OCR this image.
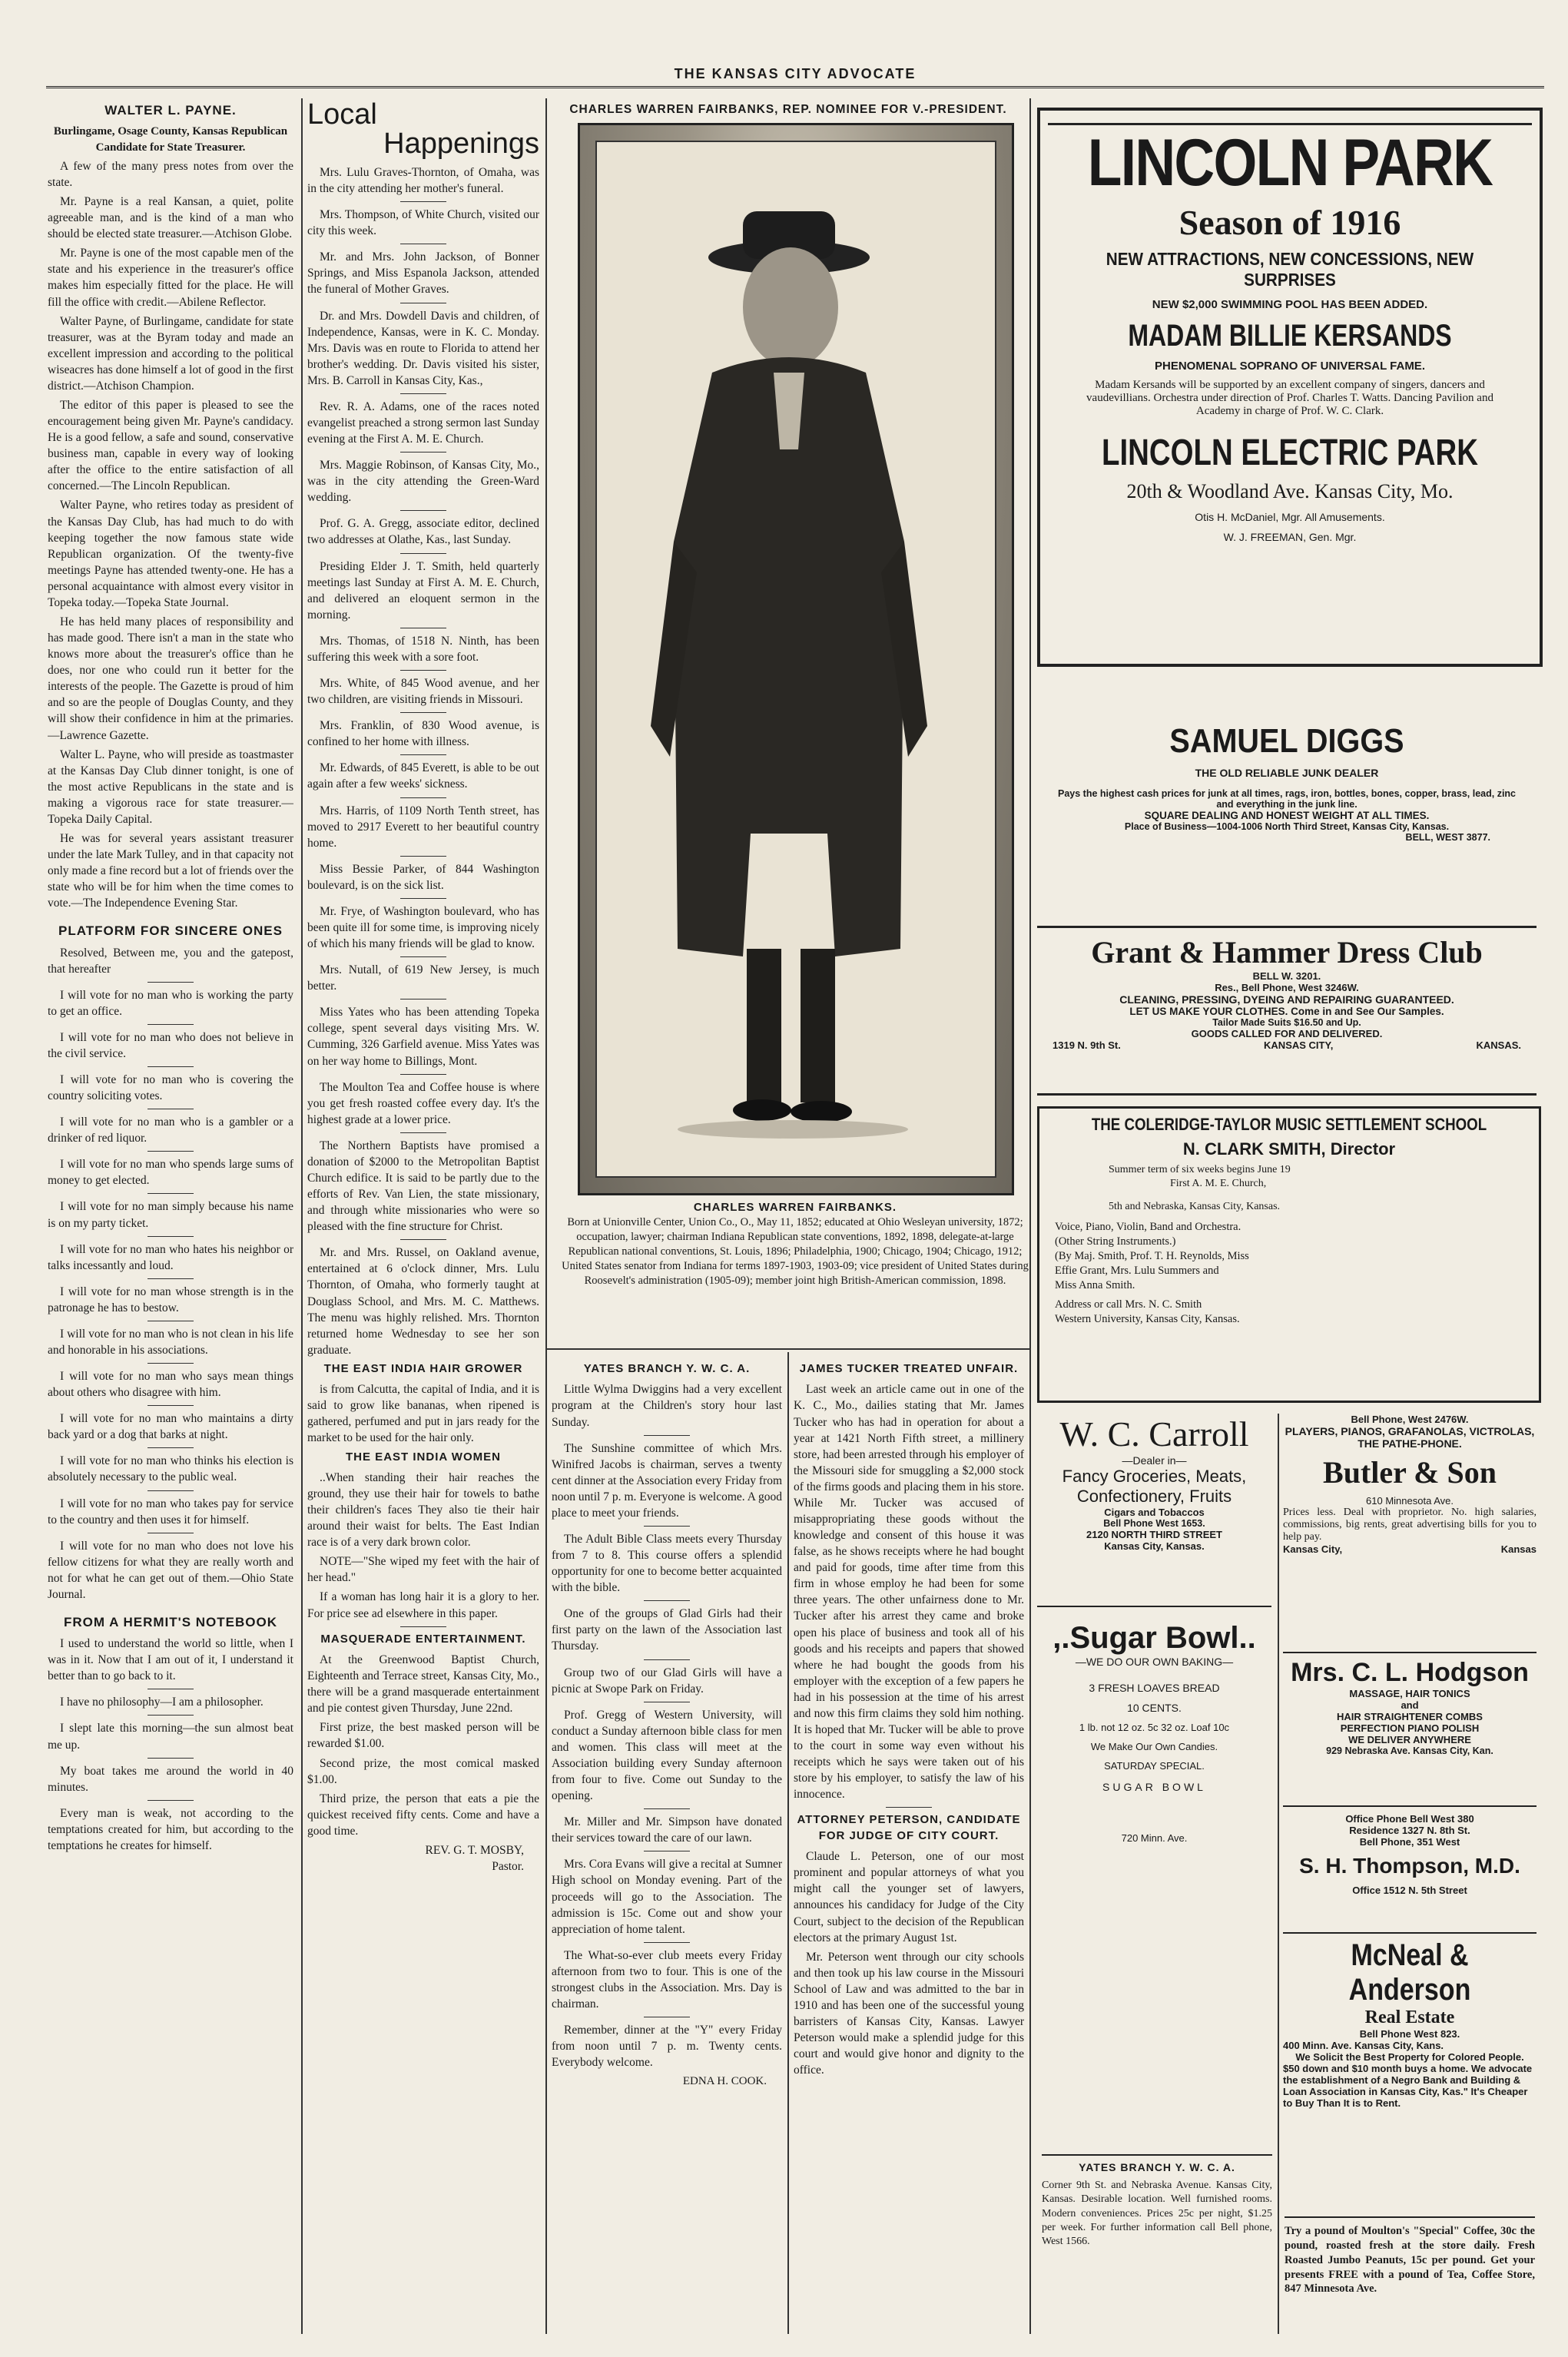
THE KANSAS CITY ADVOCATE
WALTER L. PAYNE.
Burlingame, Osage County, Kansas Republican Candidate for State Treasurer.

A few of the many press notes from over the state.

Mr. Payne is a real Kansan, a quiet, polite agreeable man, and is the kind of a man who should be elected state treasurer.—Atchison Globe.

Mr. Payne is one of the most capable men of the state and his experience in the treasurer's office makes him especially fitted for the place. He will fill the office with credit.—Abilene Reflector.

Walter Payne, of Burlingame, candidate for state treasurer, was at the Byram today and made an excellent impression and according to the political wiseacres has done himself a lot of good in the first district.—Atchison Champion.

The editor of this paper is pleased to see the encouragement being given Mr. Payne's candidacy. He is a good fellow, a safe and sound, conservative business man, capable in every way of looking after the office to the entire satisfaction of all concerned.—The Lincoln Republican.

Walter Payne, who retires today as president of the Kansas Day Club, has had much to do with keeping together the now famous state wide Republican organization. Of the twenty-five meetings Payne has attended twenty-one. He has a personal acquaintance with almost every visitor in Topeka today.—Topeka State Journal.

He has held many places of responsibility and has made good. There isn't a man in the state who knows more about the treasurer's office than he does, nor one who could run it better for the interests of the people. The Gazette is proud of him and so are the people of Douglas County, and they will show their confidence in him at the primaries.—Lawrence Gazette.

Walter L. Payne, who will preside as toastmaster at the Kansas Day Club dinner tonight, is one of the most active Republicans in the state and is making a vigorous race for state treasurer.—Topeka Daily Capital.

He was for several years assistant treasurer under the late Mark Tulley, and in that capacity not only made a fine record but a lot of friends over the state who will be for him when the time comes to vote.—The Independence Evening Star.

PLATFORM FOR SINCERE ONES

Resolved, Between me, you and the gatepost, that hereafter

I will vote for no man who is working the party to get an office.

I will vote for no man who does not believe in the civil service.

I will vote for no man who is covering the country soliciting votes.

I will vote for no man who is a gambler or a drinker of red liquor.

I will vote for no man who spends large sums of money to get elected.

I will vote for no man simply because his name is on my party ticket.

I will vote for no man who hates his neighbor or talks incessantly and loud.

I will vote for no man whose strength is in the patronage he has to bestow.

I will vote for no man who is not clean in his life and honorable in his associations.

I will vote for no man who says mean things about others who disagree with him.

I will vote for no man who maintains a dirty back yard or a dog that barks at night.

I will vote for no man who thinks his election is absolutely necessary to the public weal.

I will vote for no man who takes pay for service to the country and then uses it for himself.

I will vote for no man who does not love his fellow citizens for what they are really worth and not for what he can get out of them.—Ohio State Journal.

FROM A HERMIT'S NOTEBOOK

I used to understand the world so little, when I was in it. Now that I am out of it, I understand it better than to go back to it.

I have no philosophy—I am a philosopher.

I slept late this morning—the sun almost beat me up.

My boat takes me around the world in 40 minutes.

Every man is weak, not according to the temptations created for him, but according to the temptations he creates for himself.

Local
Happenings

Mrs. Lulu Graves-Thornton, of Omaha, was in the city attending her mother's funeral.

Mrs. Thompson, of White Church, visited our city this week.

Mr. and Mrs. John Jackson, of Bonner Springs, and Miss Espanola Jackson, attended the funeral of Mother Graves.

Dr. and Mrs. Dowdell Davis and children, of Independence, Kansas, were in K. C. Monday. Mrs. Davis was en route to Florida to attend her brother's wedding. Dr. Davis visited his sister, Mrs. B. Carroll in Kansas City, Kas.,

Rev. R. A. Adams, one of the races noted evangelist preached a strong sermon last Sunday evening at the First A. M. E. Church.

Mrs. Maggie Robinson, of Kansas City, Mo., was in the city attending the Green-Ward wedding.

Prof. G. A. Gregg, associate editor, declined two addresses at Olathe, Kas., last Sunday.

Presiding Elder J. T. Smith, held quarterly meetings last Sunday at First A. M. E. Church, and delivered an eloquent sermon in the morning.

Mrs. Thomas, of 1518 N. Ninth, has been suffering this week with a sore foot.

Mrs. White, of 845 Wood avenue, and her two children, are visiting friends in Missouri.

Mrs. Franklin, of 830 Wood avenue, is confined to her home with illness.

Mr. Edwards, of 845 Everett, is able to be out again after a few weeks' sickness.

Mrs. Harris, of 1109 North Tenth street, has moved to 2917 Everett to her beautiful country home.

Miss Bessie Parker, of 844 Washington boulevard, is on the sick list.

Mr. Frye, of Washington boulevard, who has been quite ill for some time, is improving nicely of which his many friends will be glad to know.

Mrs. Nutall, of 619 New Jersey, is much better.

Miss Yates who has been attending Topeka college, spent several days visiting Mrs. W. Cumming, 326 Garfield avenue. Miss Yates was on her way home to Billings, Mont.

The Moulton Tea and Coffee house is where you get fresh roasted coffee every day. It's the highest grade at a lower price.

The Northern Baptists have promised a donation of $2000 to the Metropolitan Baptist Church edifice. It is said to be partly due to the efforts of Rev. Van Lien, the state missionary, and through white missionaries who were so pleased with the fine structure for Christ.

Mr. and Mrs. Russel, on Oakland avenue, entertained at 6 o'clock dinner, Mrs. Lulu Thornton, of Omaha, who formerly taught at Douglass School, and Mrs. M. C. Matthews. The menu was highly relished. Mrs. Thornton returned home Wednesday to see her son graduate.

THE EAST INDIA HAIR GROWER

is from Calcutta, the capital of India, and it is said to grow like bananas, when ripened is gathered, perfumed and put in jars ready for the market to be used for the hair only.

THE EAST INDIA WOMEN

..When standing their hair reaches the ground, they use their hair for towels to bathe their children's faces They also tie their hair around their waist for belts. The East Indian race is of a very dark brown color.

NOTE—"She wiped my feet with the hair of her head."

If a woman has long hair it is a glory to her. For price see ad elsewhere in this paper.

MASQUERADE ENTERTAINMENT.

At the Greenwood Baptist Church, Eighteenth and Terrace street, Kansas City, Mo., there will be a grand masquerade entertainment and pie contest given Thursday, June 22nd.

First prize, the best masked person will be rewarded $1.00.

Second prize, the most comical masked $1.00.

Third prize, the person that eats a pie the quickest received fifty cents. Come and have a good time.

REV. G. T. MOSBY,
Pastor.
CHARLES WARREN FAIRBANKS, REP. NOMINEE FOR V.-PRESIDENT.
CHARLES WARREN FAIRBANKS.
Born at Unionville Center, Union Co., O., May 11, 1852; educated at Ohio Wesleyan university, 1872; occupation, lawyer; chairman Indiana Republican state conventions, 1892, 1898, delegate-at-large Republican national conventions, St. Louis, 1896; Philadelphia, 1900; Chicago, 1904; Chicago, 1912; United States senator from Indiana for terms 1897-1903, 1903-09; vice president of United States during Roosevelt's administration (1905-09); member joint high British-American commission, 1898.
YATES BRANCH Y. W. C. A.

Little Wylma Dwiggins had a very excellent program at the Children's story hour last Sunday.

The Sunshine committee of which Mrs. Winifred Jacobs is chairman, serves a twenty cent dinner at the Association every Friday from noon until 7 p. m. Everyone is welcome. A good place to meet your friends.

The Adult Bible Class meets every Thursday from 7 to 8. This course offers a splendid opportunity for one to become better acquainted with the bible.

One of the groups of Glad Girls had their first party on the lawn of the Association last Thursday.

Group two of our Glad Girls will have a picnic at Swope Park on Friday.

Prof. Gregg of Western University, will conduct a Sunday afternoon bible class for men and women. This class will meet at the Association building every Sunday afternoon from four to five. Come out Sunday to the opening.

Mr. Miller and Mr. Simpson have donated their services toward the care of our lawn.

Mrs. Cora Evans will give a recital at Sumner High school on Monday evening. Part of the proceeds will go to the Association. The admission is 15c. Come out and show your appreciation of home talent.

The What-so-ever club meets every Friday afternoon from two to four. This is one of the strongest clubs in the Association. Mrs. Day is chairman.

Remember, dinner at the "Y" every Friday from noon until 7 p. m. Twenty cents. Everybody welcome.

EDNA H. COOK.
JAMES TUCKER TREATED UNFAIR.

Last week an article came out in one of the K. C., Mo., dailies stating that Mr. James Tucker who has had in operation for about a year at 1421 North Fifth street, a millinery store, had been arrested through his employer of the Missouri side for smuggling a $2,000 stock of the firms goods and placing them in his store. While Mr. Tucker was accused of misappropriating these goods without the knowledge and consent of this house it was false, as he shows receipts where he had bought and paid for goods, time after time from this firm in whose employ he had been for some three years. The other unfairness done to Mr. Tucker after his arrest they came and broke open his place of business and took all of his goods and his receipts and papers that showed where he had bought the goods from his employer with the exception of a few papers he had in his possession at the time of his arrest and now this firm claims they sold him nothing. It is hoped that Mr. Tucker will be able to prove to the court in some way even without his receipts which he says were taken out of his store by his employer, to satisfy the law of his innocence.

ATTORNEY PETERSON, CANDIDATE FOR JUDGE OF CITY COURT.

Claude L. Peterson, one of our most prominent and popular attorneys of what you might call the younger set of lawyers, announces his candidacy for Judge of the City Court, subject to the decision of the Republican electors at the primary August 1st.

Mr. Peterson went through our city schools and then took up his law course in the Missouri School of Law and was admitted to the bar in 1910 and has been one of the successful young barristers of Kansas City, Kansas. Lawyer Peterson would make a splendid judge for this court and would give honor and dignity to the office.

LINCOLN PARK
Season of 1916
NEW ATTRACTIONS, NEW CONCESSIONS, NEW SURPRISES
NEW $2,000 SWIMMING POOL HAS BEEN ADDED.
MADAM BILLIE KERSANDS
PHENOMENAL SOPRANO OF UNIVERSAL FAME.
Madam Kersands will be supported by an excellent company of singers, dancers and vaudevillians. Orchestra under direction of Prof. Charles T. Watts. Dancing Pavilion and Academy in charge of Prof. W. C. Clark.
LINCOLN ELECTRIC PARK
20th & Woodland Ave. Kansas City, Mo.
Otis H. McDaniel, Mgr. All Amusements.
W. J. FREEMAN, Gen. Mgr.
SAMUEL DIGGS
THE OLD RELIABLE JUNK DEALER
Pays the highest cash prices for junk at all times, rags, iron, bottles, bones, copper, brass, lead, zinc and everything in the junk line.
SQUARE DEALING AND HONEST WEIGHT AT ALL TIMES.
Place of Business—1004-1006 North Third Street, Kansas City, Kansas.
BELL, WEST 3877.
Grant & Hammer Dress Club
BELL W. 3201.
Res., Bell Phone, West 3246W.
CLEANING, PRESSING, DYEING AND REPAIRING GUARANTEED.
LET US MAKE YOUR CLOTHES. Come in and See Our Samples.
Tailor Made Suits $16.50 and Up.
GOODS CALLED FOR AND DELIVERED.
1319 N. 9th St.	KANSAS CITY,	KANSAS.
THE COLERIDGE-TAYLOR MUSIC SETTLEMENT SCHOOL
N. CLARK SMITH, Director

Summer term of six weeks begins June 19

First A. M. E. Church,

5th and Nebraska, Kansas City, Kansas.

Voice, Piano, Violin, Band and Orchestra.

(Other String Instruments.)

(By Maj. Smith, Prof. T. H. Reynolds, Miss

Effie Grant, Mrs. Lulu Summers and

Miss Anna Smith.

Address or call Mrs. N. C. Smith

Western University, Kansas City, Kansas.

W. C. Carroll
—Dealer in—
Fancy Groceries, Meats, Confectionery, Fruits
Cigars and Tobaccos
Bell Phone West 1653.
2120 NORTH THIRD STREET
Kansas City, Kansas.
,.Sugar Bowl..
—WE DO OUR OWN BAKING—
3 FRESH LOAVES BREAD
10 CENTS.
1 lb. not 12 oz. 5c 32 oz. Loaf 10c
We Make Our Own Candies.
SATURDAY SPECIAL.
SUGAR BOWL
720 Minn. Ave.
YATES BRANCH Y. W. C. A.
Corner 9th St. and Nebraska Avenue. Kansas City, Kansas. Desirable location. Well furnished rooms. Modern conveniences. Prices 25c per night, $1.25 per week. For further information call Bell phone, West 1566.
Bell Phone, West 2476W.
PLAYERS, PIANOS, GRAFANOLAS, VICTROLAS, THE PATHE-PHONE.
Butler & Son
610 Minnesota Ave.
Prices less. Deal with proprietor. No. high salaries, commissions, big rents, great advertising bills for you to help pay.
Kansas City,	Kansas
Mrs. C. L. Hodgson
MASSAGE, HAIR TONICS
and
HAIR STRAIGHTENER COMBS
PERFECTION PIANO POLISH
WE DELIVER ANYWHERE
929 Nebraska Ave. Kansas City, Kan.
Office Phone Bell West 380
Residence 1327 N. 8th St.
Bell Phone, 351 West
S. H. Thompson, M.D.
Office 1512 N. 5th Street
McNeal & Anderson
Real Estate
Bell Phone West 823.
400 Minn. Ave. Kansas City, Kans.
We Solicit the Best Property for Colored People.
$50 down and $10 month buys a home. We advocate the establishment of a Negro Bank and Building & Loan Association in Kansas City, Kas." It's Cheaper to Buy Than It is to Rent.
Try a pound of Moulton's "Special" Coffee, 30c the pound, roasted fresh at the store daily. Fresh Roasted Jumbo Peanuts, 15c per pound. Get your presents FREE with a pound of Tea, Coffee Store, 847 Minnesota Ave.
